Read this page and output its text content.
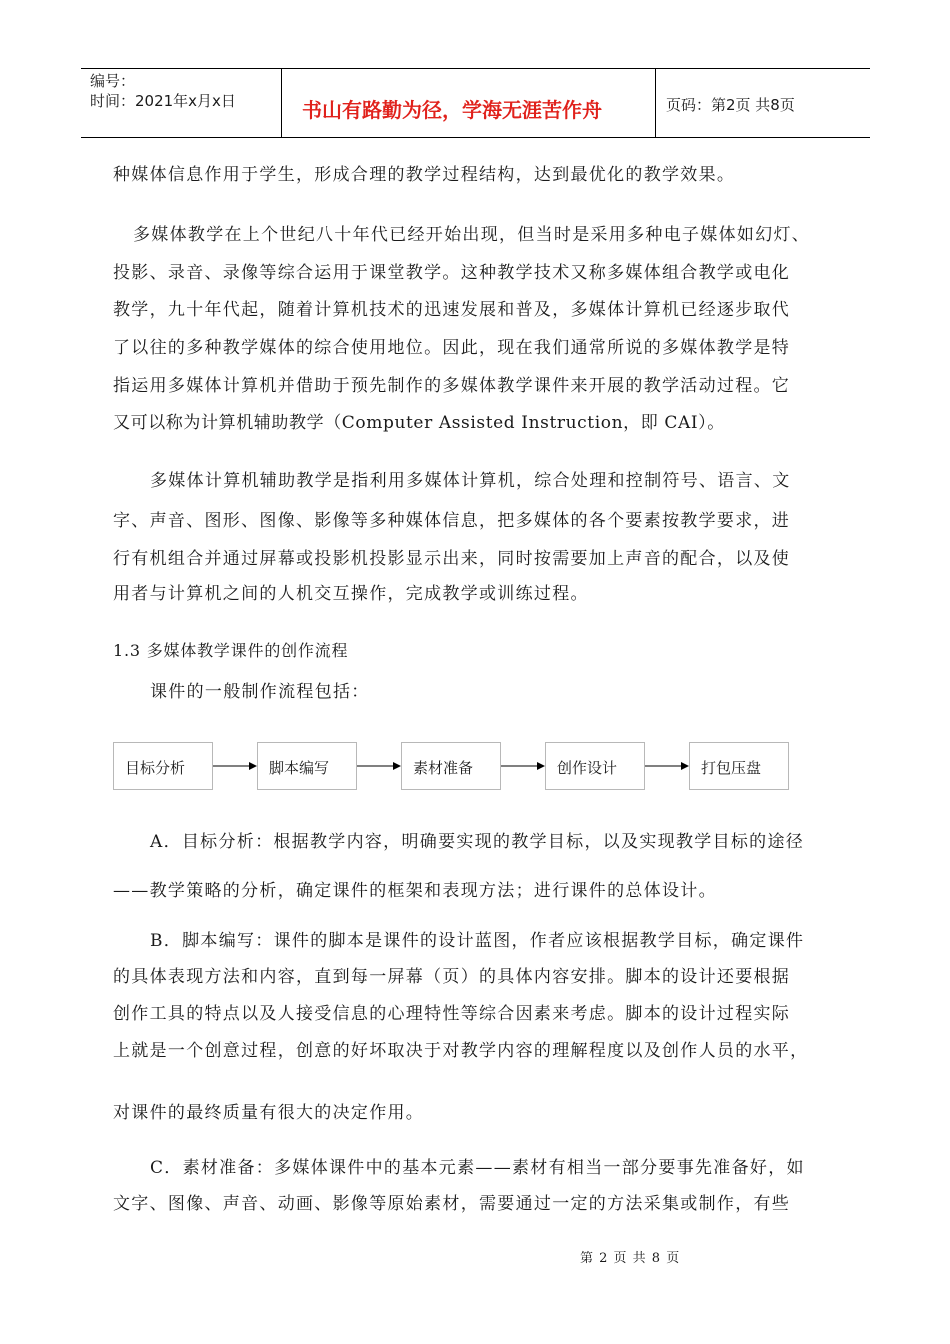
编号：
时间：2021年x月x日	书山有路勤为径，学海无涯苦作舟	页码：第2页 共8页
种媒体信息作用于学生，形成合理的教学过程结构，达到最优化的教学效果。
多媒体教学在上个世纪八十年代已经开始出现，但当时是采用多种电子媒体如幻灯、
投影、录音、录像等综合运用于课堂教学。这种教学技术又称多媒体组合教学或电化
教学，九十年代起，随着计算机技术的迅速发展和普及，多媒体计算机已经逐步取代
了以往的多种教学媒体的综合使用地位。因此，现在我们通常所说的多媒体教学是特
指运用多媒体计算机并借助于预先制作的多媒体教学课件来开展的教学活动过程。它
又可以称为计算机辅助教学（Computer Assisted Instruction，即 CAI）。
多媒体计算机辅助教学是指利用多媒体计算机，综合处理和控制符号、语言、文
字、声音、图形、图像、影像等多种媒体信息，把多媒体的各个要素按教学要求，进
行有机组合并通过屏幕或投影机投影显示出来，同时按需要加上声音的配合，以及使
用者与计算机之间的人机交互操作，完成教学或训练过程。
1.3 多媒体教学课件的创作流程
课件的一般制作流程包括：
目标分析	脚本编写	素材准备	创作设计	打包压盘
A．目标分析：根据教学内容，明确要实现的教学目标，以及实现教学目标的途径
——教学策略的分析，确定课件的框架和表现方法；进行课件的总体设计。
B．脚本编写：课件的脚本是课件的设计蓝图，作者应该根据教学目标，确定课件
的具体表现方法和内容，直到每一屏幕（页）的具体内容安排。脚本的设计还要根据
创作工具的特点以及人接受信息的心理特性等综合因素来考虑。脚本的设计过程实际
上就是一个创意过程，创意的好坏取决于对教学内容的理解程度以及创作人员的水平，
对课件的最终质量有很大的决定作用。
C．素材准备：多媒体课件中的基本元素——素材有相当一部分要事先准备好，如
文字、图像、声音、动画、影像等原始素材，需要通过一定的方法采集或制作，有些
第 2 页 共 8 页
